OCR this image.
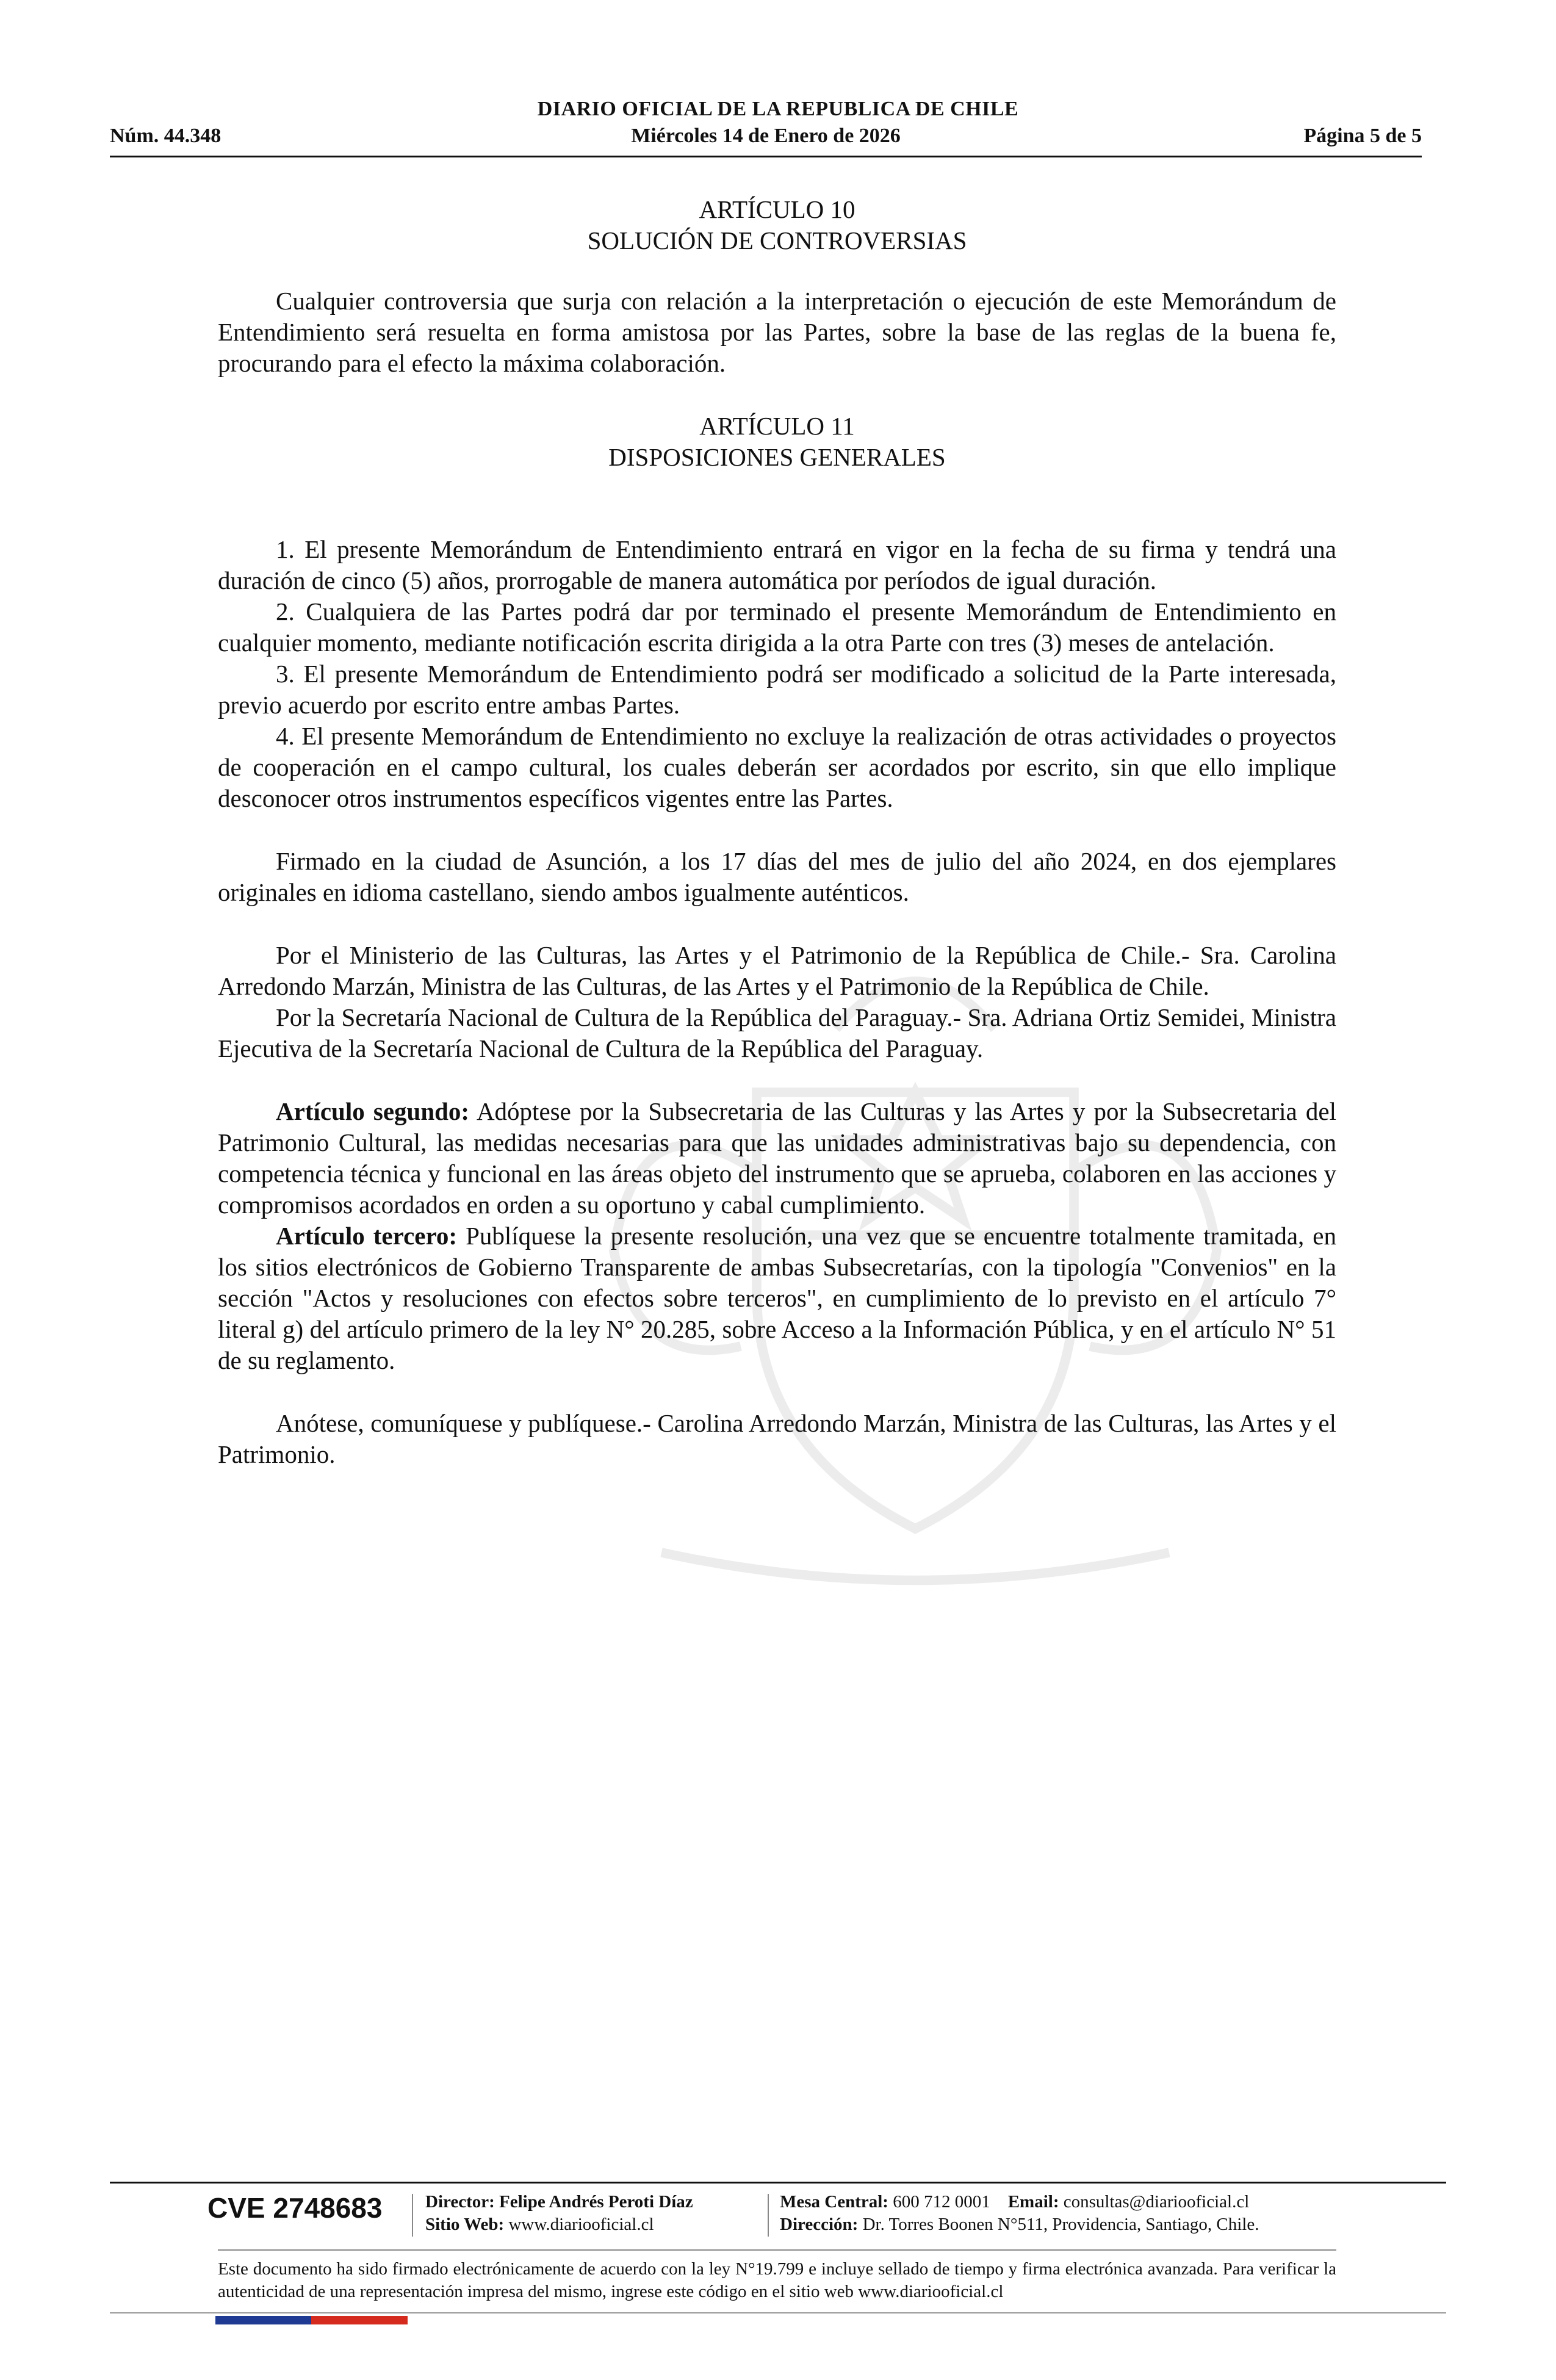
DIARIO OFICIAL DE LA REPUBLICA DE CHILE
Núm. 44.348	Miércoles 14 de Enero de 2026	Página 5 de 5

ARTÍCULO 10

SOLUCIÓN DE CONTROVERSIAS

Cualquier controversia que surja con relación a la interpretación o ejecución de este Memorándum de Entendimiento será resuelta en forma amistosa por las Partes, sobre la base de las reglas de la buena fe, procurando para el efecto la máxima colaboración.

ARTÍCULO 11

DISPOSICIONES GENERALES

1. El presente Memorándum de Entendimiento entrará en vigor en la fecha de su firma y tendrá una duración de cinco (5) años, prorrogable de manera automática por períodos de igual duración.

2. Cualquiera de las Partes podrá dar por terminado el presente Memorándum de Entendimiento en cualquier momento, mediante notificación escrita dirigida a la otra Parte con tres (3) meses de antelación.

3. El presente Memorándum de Entendimiento podrá ser modificado a solicitud de la Parte interesada, previo acuerdo por escrito entre ambas Partes.

4. El presente Memorándum de Entendimiento no excluye la realización de otras actividades o proyectos de cooperación en el campo cultural, los cuales deberán ser acordados por escrito, sin que ello implique desconocer otros instrumentos específicos vigentes entre las Partes.

Firmado en la ciudad de Asunción, a los 17 días del mes de julio del año 2024, en dos ejemplares originales en idioma castellano, siendo ambos igualmente auténticos.

Por el Ministerio de las Culturas, las Artes y el Patrimonio de la República de Chile.- Sra. Carolina Arredondo Marzán, Ministra de las Culturas, de las Artes y el Patrimonio de la República de Chile.

Por la Secretaría Nacional de Cultura de la República del Paraguay.- Sra. Adriana Ortiz Semidei, Ministra Ejecutiva de la Secretaría Nacional de Cultura de la República del Paraguay.

Artículo segundo: Adóptese por la Subsecretaria de las Culturas y las Artes y por la Subsecretaria del Patrimonio Cultural, las medidas necesarias para que las unidades administrativas bajo su dependencia, con competencia técnica y funcional en las áreas objeto del instrumento que se aprueba, colaboren en las acciones y compromisos acordados en orden a su oportuno y cabal cumplimiento.

Artículo tercero: Publíquese la presente resolución, una vez que se encuentre totalmente tramitada, en los sitios electrónicos de Gobierno Transparente de ambas Subsecretarías, con la tipología "Convenios" en la sección "Actos y resoluciones con efectos sobre terceros", en cumplimiento de lo previsto en el artículo 7° literal g) del artículo primero de la ley N° 20.285, sobre Acceso a la Información Pública, y en el artículo N° 51 de su reglamento.

Anótese, comuníquese y publíquese.- Carolina Arredondo Marzán, Ministra de las Culturas, las Artes y el Patrimonio.

CVE 2748683	Director: Felipe Andrés Peroti Díaz
Sitio Web: www.diariooficial.cl
Mesa Central: 600 712 0001 Email: consultas@diariooficial.cl
Dirección: Dr. Torres Boonen N°511, Providencia, Santiago, Chile.
Este documento ha sido firmado electrónicamente de acuerdo con la ley N°19.799 e incluye sellado de tiempo y firma electrónica avanzada. Para verificar la autenticidad de una representación impresa del mismo, ingrese este código en el sitio web www.diariooficial.cl
